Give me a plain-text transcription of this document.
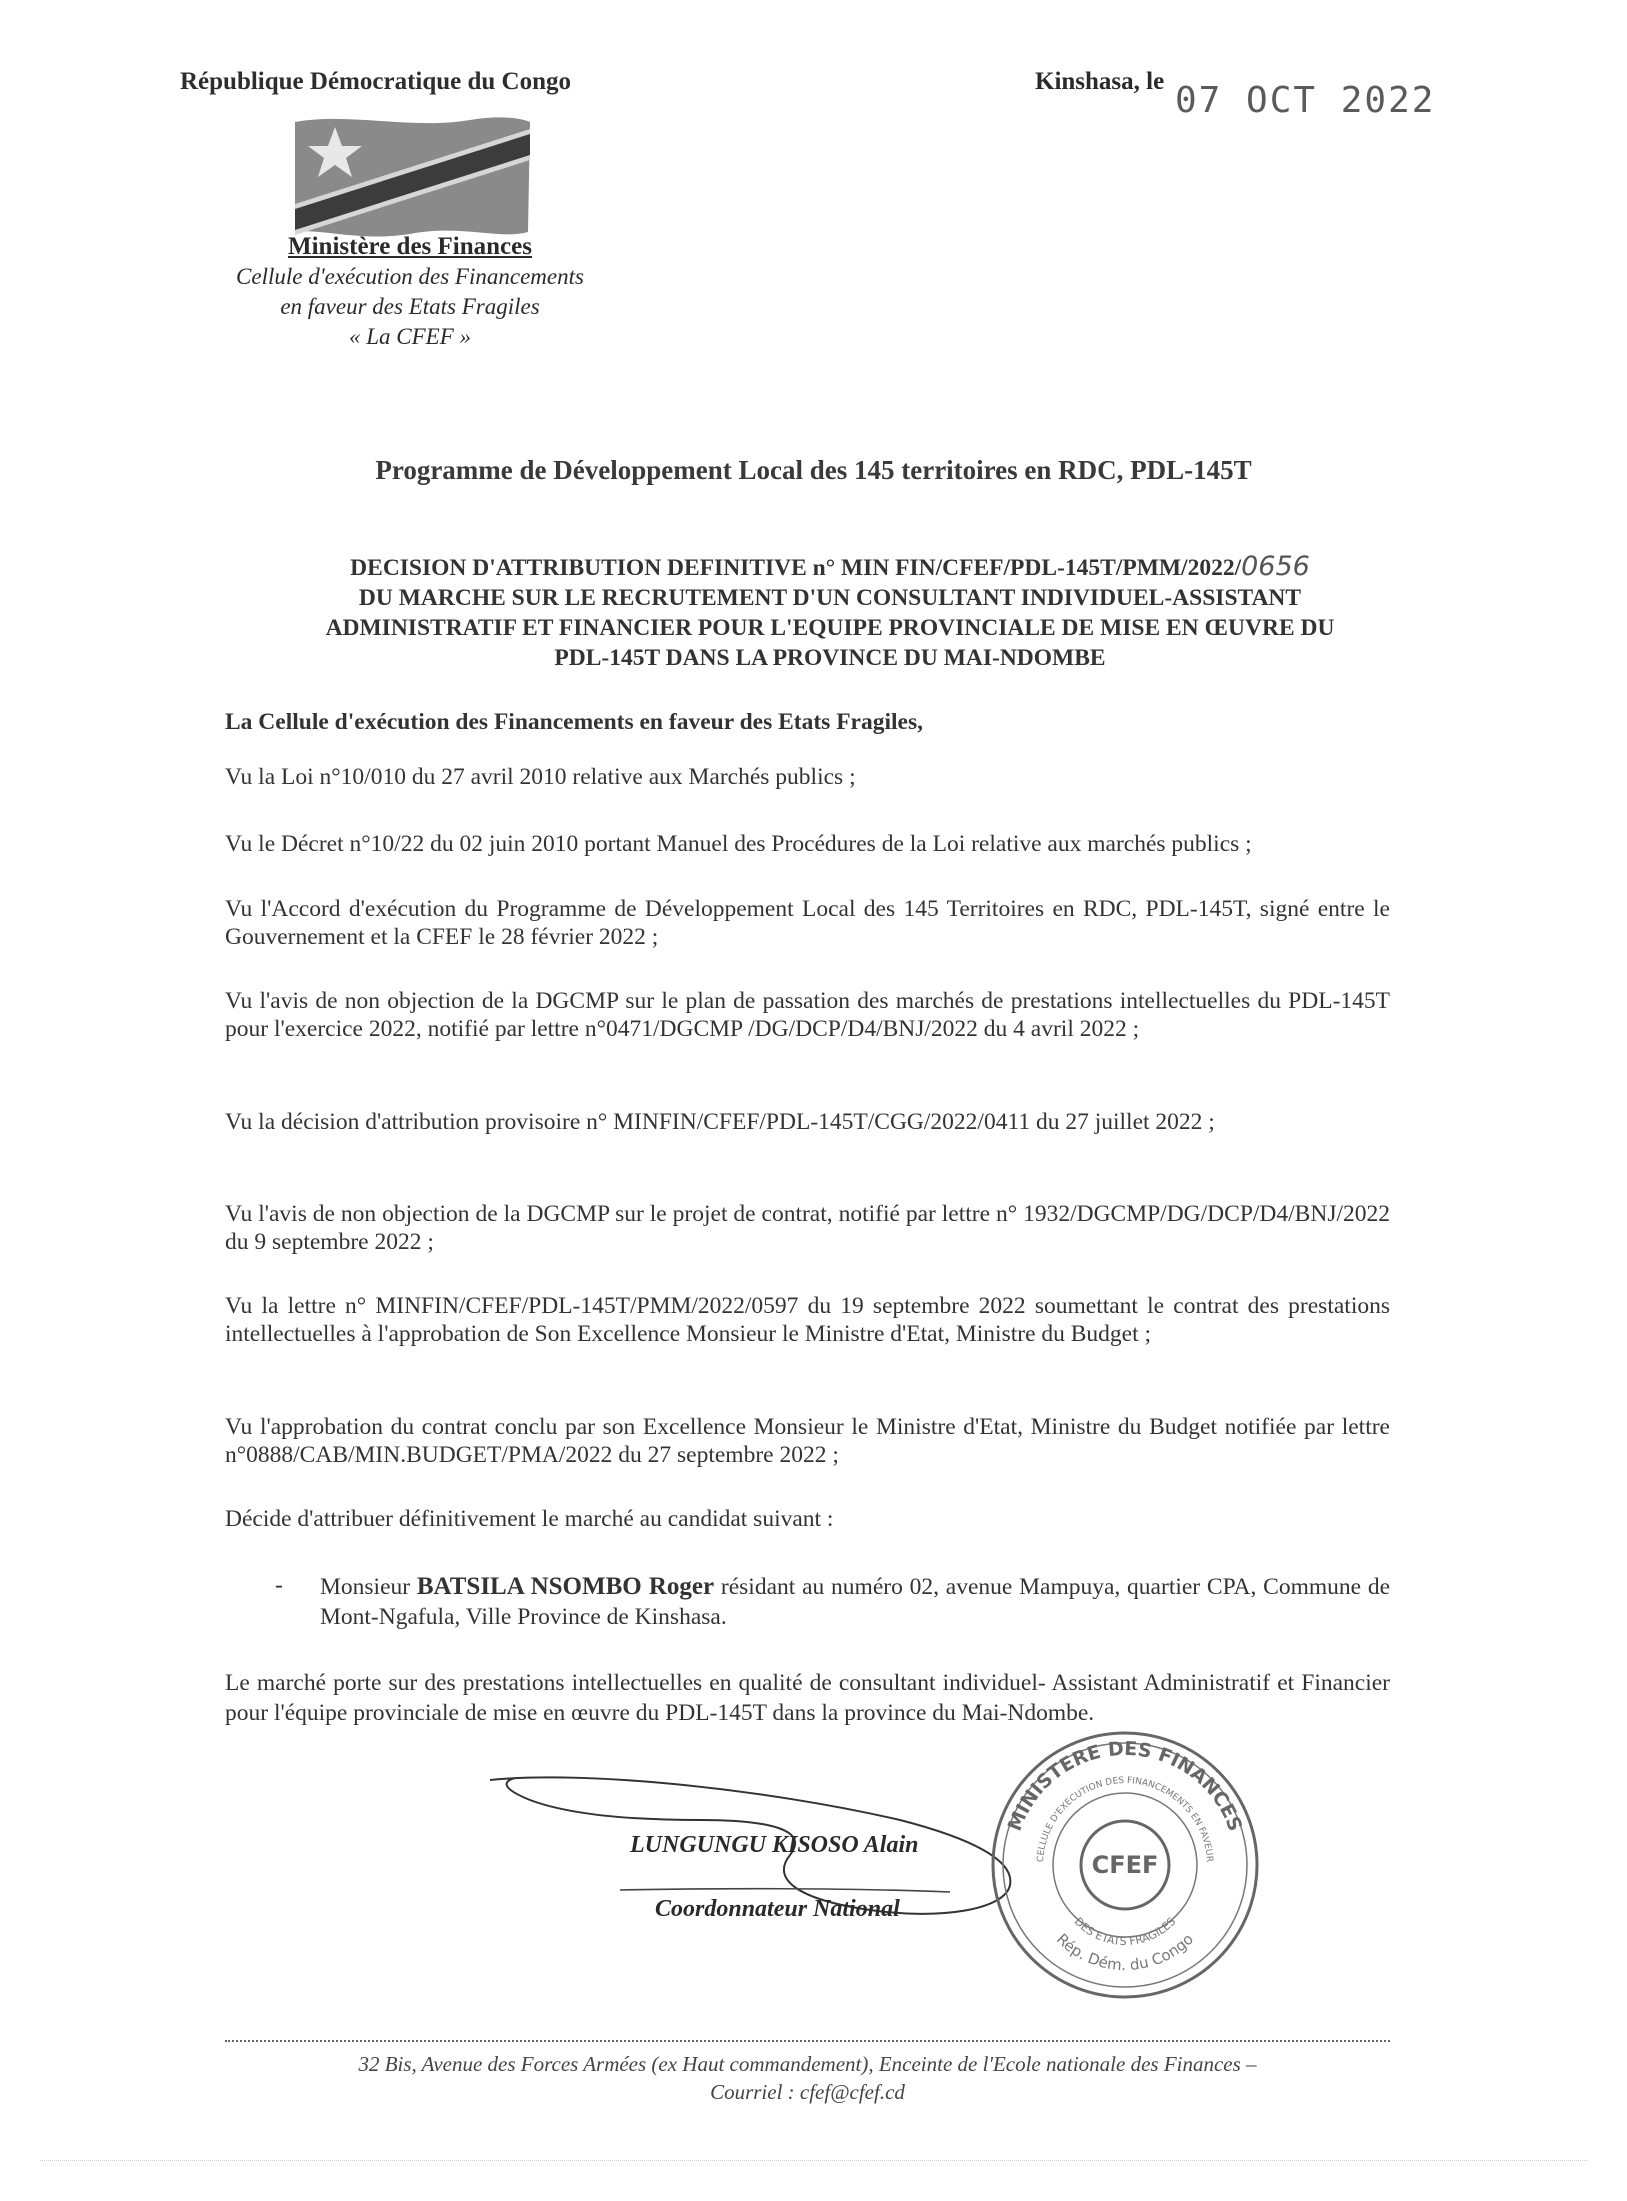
République Démocratique du Congo
Ministère des Finances
Cellule d'exécution des Financements
en faveur des Etats Fragiles
« La CFEF »
Kinshasa, le 07 OCT 2022
Programme de Développement Local des 145 territoires en RDC, PDL-145T
DECISION D'ATTRIBUTION DEFINITIVE n° MIN FIN/CFEF/PDL-145T/PMM/2022/0656
DU MARCHE SUR LE RECRUTEMENT D'UN CONSULTANT INDIVIDUEL-ASSISTANT
ADMINISTRATIF ET FINANCIER POUR L'EQUIPE PROVINCIALE DE MISE EN ŒUVRE DU
PDL-145T DANS LA PROVINCE DU MAI-NDOMBE
La Cellule d'exécution des Financements en faveur des Etats Fragiles,
Vu la Loi n°10/010 du 27 avril 2010 relative aux Marchés publics ;
Vu le Décret n°10/22 du 02 juin 2010 portant Manuel des Procédures de la Loi relative aux marchés publics ;
Vu l'Accord d'exécution du Programme de Développement Local des 145 Territoires en RDC, PDL-145T, signé entre le Gouvernement et la CFEF le 28 février 2022 ;
Vu l'avis de non objection de la DGCMP sur le plan de passation des marchés de prestations intellectuelles du PDL-145T pour l'exercice 2022, notifié par lettre n°0471/DGCMP /DG/DCP/D4/BNJ/2022 du 4 avril 2022 ;
Vu la décision d'attribution provisoire n° MINFIN/CFEF/PDL-145T/CGG/2022/0411 du 27 juillet 2022 ;
Vu l'avis de non objection de la DGCMP sur le projet de contrat, notifié par lettre n° 1932/DGCMP/DG/DCP/D4/BNJ/2022 du 9 septembre 2022 ;
Vu la lettre n° MINFIN/CFEF/PDL-145T/PMM/2022/0597 du 19 septembre 2022 soumettant le contrat des prestations intellectuelles à l'approbation de Son Excellence Monsieur le Ministre d'Etat, Ministre du Budget ;
Vu l'approbation du contrat conclu par son Excellence Monsieur le Ministre d'Etat, Ministre du Budget notifiée par lettre n°0888/CAB/MIN.BUDGET/PMA/2022 du 27 septembre 2022 ;
Décide d'attribuer définitivement le marché au candidat suivant :
- Monsieur BATSILA NSOMBO Roger résidant au numéro 02, avenue Mampuya, quartier CPA, Commune de Mont-Ngafula, Ville Province de Kinshasa.
Le marché porte sur des prestations intellectuelles en qualité de consultant individuel- Assistant Administratif et Financier pour l'équipe provinciale de mise en œuvre du PDL-145T dans la province du Mai-Ndombe.
LUNGUNGU KISOSO Alain
Coordonnateur National
MINISTERE DES FINANCES
CELLULE D'EXECUTION DES FINANCEMENTS EN FAVEUR
DES ETATS FRAGILES
Rép. Dém. du Congo
CFEF
32 Bis, Avenue des Forces Armées (ex Haut commandement), Enceinte de l'Ecole nationale des Finances –
Courriel : cfef@cfef.cd
